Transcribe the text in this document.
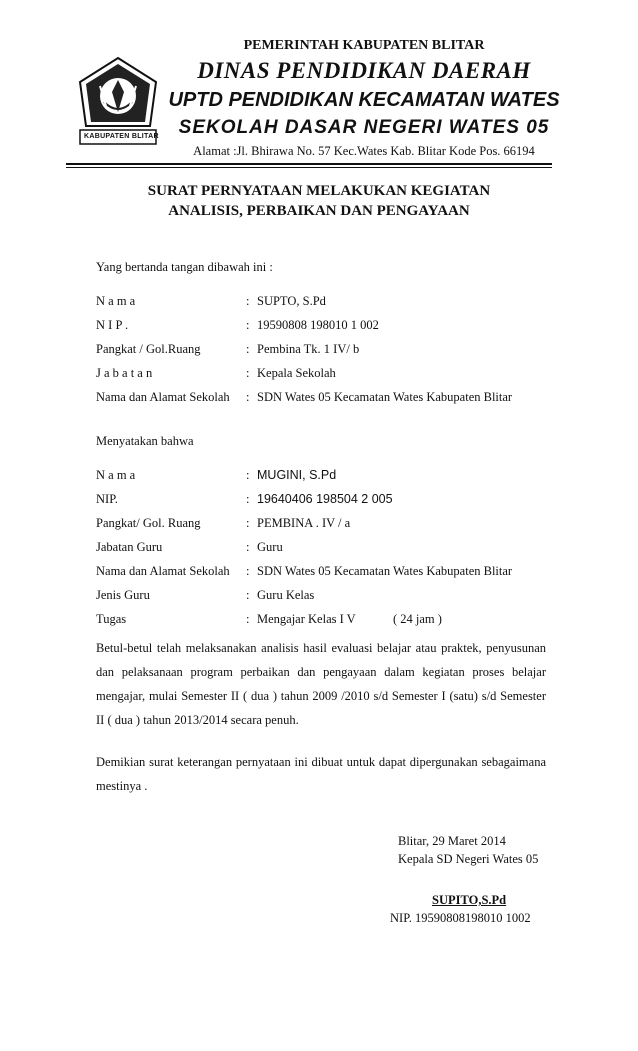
KABUPATEN BLITAR
PEMERINTAH KABUPATEN BLITAR
DINAS PENDIDIKAN DAERAH
UPTD PENDIDIKAN KECAMATAN WATES
SEKOLAH DASAR NEGERI WATES 05
Alamat :Jl. Bhirawa No. 57 Kec.Wates Kab. Blitar Kode Pos. 66194
SURAT PERNYATAAN MELAKUKAN KEGIATAN
ANALISIS, PERBAIKAN DAN PENGAYAAN
Yang bertanda tangan dibawah ini :
N a m a	: SUPTO, S.Pd
N I P .	: 19590808 198010 1 002
Pangkat / Gol.Ruang	: Pembina Tk. 1 IV/ b
J a b a t a n	: Kepala Sekolah
Nama dan Alamat Sekolah : SDN Wates 05 Kecamatan Wates Kabupaten Blitar
Menyatakan bahwa
N a m a	: MUGINI, S.Pd
NIP.	: 19640406 198504 2 005
Pangkat/ Gol. Ruang	: PEMBINA . IV / a
Jabatan Guru	: Guru
Nama dan Alamat Sekolah : SDN Wates 05 Kecamatan Wates Kabupaten Blitar
Jenis Guru	: Guru Kelas
Tugas	: Mengajar Kelas I V            ( 24 jam )
Betul-betul telah melaksanakan analisis hasil evaluasi belajar atau praktek, penyusunan dan pelaksanaan program perbaikan dan pengayaan dalam kegiatan proses belajar mengajar, mulai Semester II ( dua ) tahun 2009 /2010 s/d Semester I (satu) s/d Semester II ( dua ) tahun 2013/2014 secara penuh.
Demikian surat keterangan pernyataan ini dibuat untuk dapat dipergunakan sebagaimana mestinya .
Blitar, 29 Maret 2014
Kepala SD Negeri Wates 05
SUPITO,S.Pd
NIP. 19590808198010 1002
